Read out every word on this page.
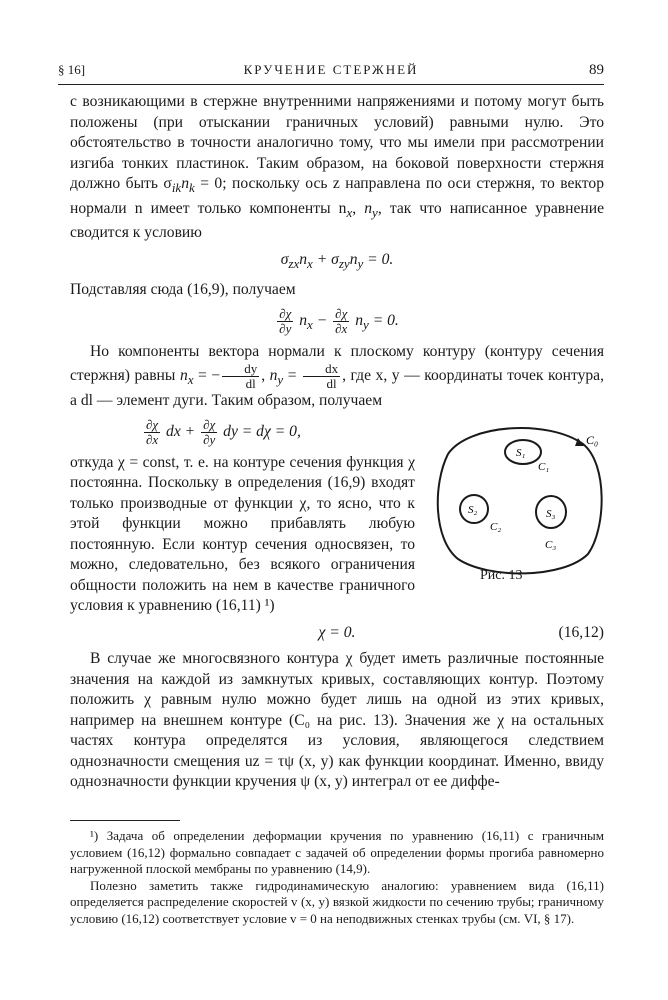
§ 16]	КРУЧЕНИЕ СТЕРЖНЕЙ	89

с возникающими в стержне внутренними напряжениями и потому могут быть положены (при отыскании граничных условий) равными нулю. Это обстоятельство в точности аналогично тому, что мы имели при рассмотрении изгиба тонких пластинок. Таким образом, на боковой поверхности стержня должно быть $\sigma_{ik}n_k = 0$; поскольку ось z направлена по оси стержня, то вектор нормали n имеет только компоненты $n_x$, $n_y$, так что написанное уравнение сводится к условию

$\sigma_{zx}n_x + \sigma_{zy}n_y = 0$.

Подставляя сюда (16,9), получаем

$\frac{\partial\chi}{\partial y} n_x - \frac{\partial\chi}{\partial x} n_y = 0$.

Но компоненты вектора нормали к плоскому контуру (контуру сечения стержня) равны $n_x$ = − $\frac{dy}{dl}$ , $n_y = \frac{dx}{dl}$ , где x, y — координаты точек контура, а dl — элемент дуги. Таким образом, получаем

$\frac{\partial\chi}{\partial x}$ dx + $\frac{\partial\chi}{\partial y}$ dy = dχ = 0,

откуда χ = const, т. е. на контуре сечения функция χ постоянна. Поскольку в определения (16,9) входят только производные от функции χ, то ясно, что к этой функции можно прибавлять любую постоянную. Если контур сечения односвязен, то можно, следовательно, без всякого ограничения общности положить на нем в качестве граничного условия к уравнению (16,11) ¹)

χ = 0.	(16,12)

В случае же многосвязного контура χ будет иметь различные постоянные значения на каждой из замкнутых кривых, составляющих контур. Поэтому положить χ равным нулю можно будет лишь на одной из этих кривых, например на внешнем контуре (C₀ на рис. 13). Значения же χ на остальных частях контура определятся из условия, являющегося следствием однозначности смещения uz = τψ (x, y) как функции координат. Именно, ввиду однозначности функции кручения ψ (x, y) интеграл от ее диффе-

C₀
S₁
C₁
S₂
C₂
S₃
C₃
Рис. 13

¹) Задача об определении деформации кручения по уравнению (16,11) с граничным условием (16,12) формально совпадает с задачей об определении формы прогиба равномерно нагруженной плоской мембраны по уравнению (14,9).

Полезно заметить также гидродинамическую аналогию: уравнением вида (16,11) определяется распределение скоростей v (x, y) вязкой жидкости по сечению трубы; граничному условию (16,12) соответствует условие v = 0 на неподвижных стенках трубы (см. VI, § 17).
